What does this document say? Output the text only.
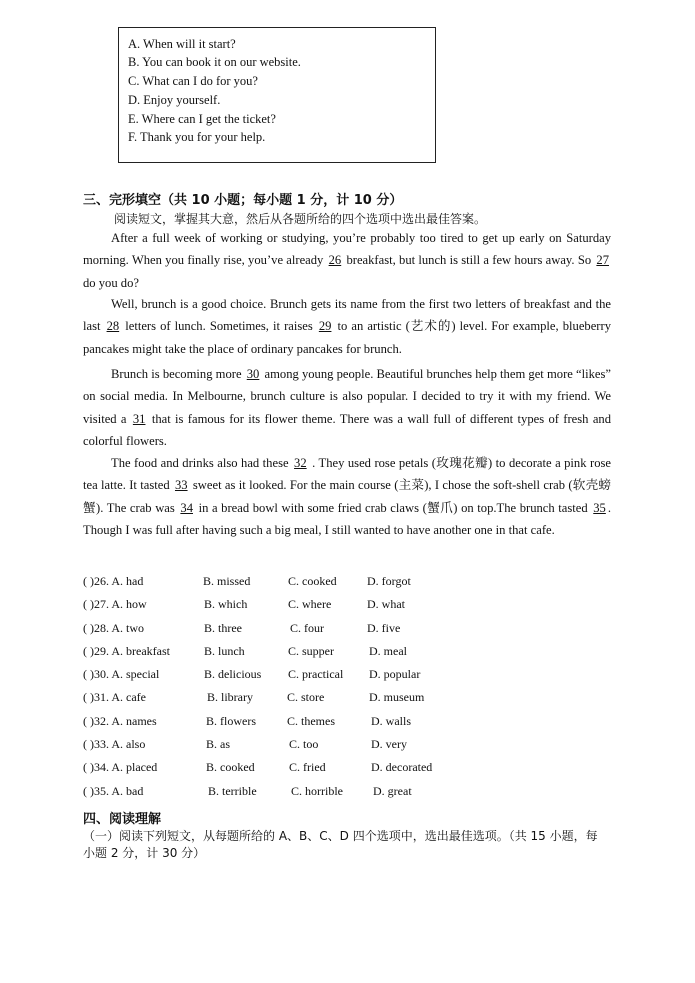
A. When will it start?
B. You can book it on our website.
C. What can I do for you?
D. Enjoy yourself.
E. Where can I get the ticket?
F. Thank you for your help.
三、完形填空（共 10 小题；每小题 1 分，计 10 分）
阅读短文，掌握其大意，然后从各题所给的四个选项中选出最佳答案。

After a full week of working or studying, you’re probably too tired to get up early on Saturday morning. When you finally rise, you’ve already 26 breakfast, but lunch is still a few hours away. So 27 do you do?

Well, brunch is a good choice. Brunch gets its name from the first two letters of breakfast and the last 28 letters of lunch. Sometimes, it raises 29 to an artistic (艺术的) level. For example, blueberry pancakes might take the place of ordinary pancakes for brunch.

Brunch is becoming more 30 among young people. Beautiful brunches help them get more “likes” on social media. In Melbourne, brunch culture is also popular. I decided to try it with my friend. We visited a 31 that is famous for its flower theme. There was a wall full of different types of fresh and colorful flowers.

The food and drinks also had these 32 . They used rose petals (玫瑰花瓣) to decorate a pink rose tea latte. It tasted 33 sweet as it looked. For the main course (主菜), I chose the soft-shell crab (软壳螃蟹). The crab was 34 in a bread bowl with some fried crab claws (蟹爪) on top.The brunch tasted 35 . Though I was full after having such a big meal, I still wanted to have another one in that cafe.

( )26. A. had	B. missed	C. cooked	D. forgot
( )27. A. how	B. which	C. where	D. what
( )28. A. two	B. three	C. four	D. five
( )29. A. breakfast	B. lunch	C. supper	D. meal
( )30. A. special	B. delicious C. practical D. popular
( )31. A. cafe	B. library	C. store	D. museum
( )32. A. names	B. flowers	C. themes	D. walls
( )33. A. also	B. as	C. too	D. very
( )34. A. placed	B. cooked	C. fried	D. decorated
( )35. A. bad	B. terrible	C. horrible	D. great
四、阅读理解
（一）阅读下列短文，从每题所给的 A、B、C、D 四个选项中，选出最佳选项。（共 15 小题，每小题 2 分，计 30 分）
